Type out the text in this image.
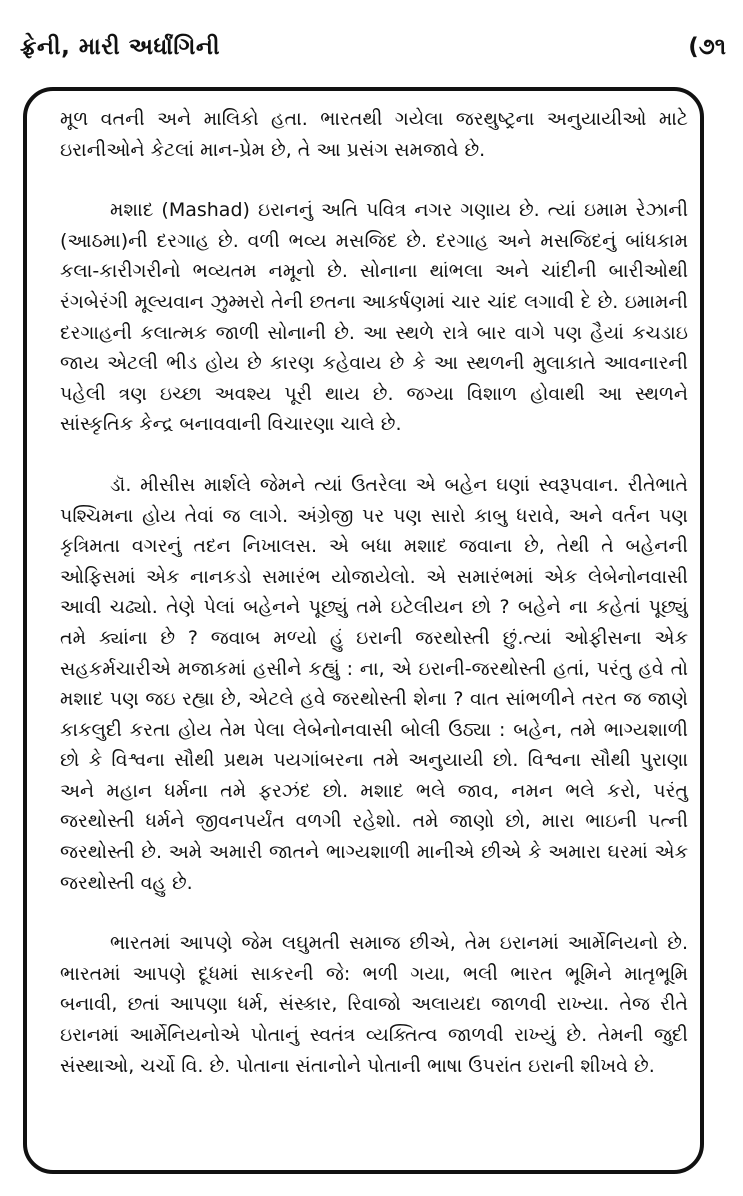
ફ્રેની, મારી અર્ધાંગિની	(૭૧

મૂળ વતની અને માલિકો હતા. ભારતથી ગયેલા જરથુષ્ટ્રના અનુયાયીઓ માટે ઇરાનીઓને કેટલાં માન-પ્રેમ છે, તે આ પ્રસંગ સમજાવે છે.

મશાદ (Mashad) ઇરાનનું અતિ પવિત્ર નગર ગણાય છે. ત્યાં ઇમામ રેઝાની (આઠમા)ની દરગાહ છે. વળી ભવ્ય મસજિદ છે. દરગાહ અને મસજિદનું બાંધકામ કલા-કારીગરીનો ભવ્યતમ નમૂનો છે. સોનાના થાંભલા અને ચાંદીની બારીઓથી રંગબેરંગી મૂલ્યવાન ઝુમ્મરો તેની છતના આકર્ષણમાં ચાર ચાંદ લગાવી દે છે. ઇમામની દરગાહની કલાત્મક જાળી સોનાની છે. આ સ્થળે રાત્રે બાર વાગે પણ હૈયાં કચડાઇ જાય એટલી ભીડ હોય છે કારણ કહેવાય છે કે આ સ્થળની મુલાકાતે આવનારની પહેલી ત્રણ ઇચ્છા અવશ્ય પૂરી થાય છે. જગ્યા વિશાળ હોવાથી આ સ્થળને સાંસ્કૃતિક કેન્દ્ર બનાવવાની વિચારણા ચાલે છે.

ડૉ. મીસીસ માર્શલે જેમને ત્યાં ઉતરેલા એ બહેન ઘણાં સ્વરૂપવાન. રીતેભાતે પશ્ચિમના હોય તેવાં જ લાગે. અંગ્રેજી પર પણ સારો કાબુ ધરાવે, અને વર્તન પણ કૃત્રિમતા વગરનું તદન નિખાલસ. એ બધા મશાદ જવાના છે, તેથી તે બહેનની ઓફિસમાં એક નાનકડો સમારંભ યોજાયેલો. એ સમારંભમાં એક લેબેનોનવાસી આવી ચઢ્યો. તેણે પેલાં બહેનને પૂછ્યું તમે ઇટેલીયન છો ? બહેને ના કહેતાં પૂછ્યું તમે ક્યાંના છે ? જવાબ મળ્યો હું ઇરાની જરથોસ્તી છું.ત્યાં ઓફીસના એક સહકર્મચારીએ મજાકમાં હસીને કહ્યું : ના, એ ઇરાની-જરથોસ્તી હતાં, પરંતુ હવે તો મશાદ પણ જઇ રહ્યા છે, એટલે હવે જરથોસ્તી શેના ? વાત સાંભળીને તરત જ જાણે કાકલુદી કરતા હોય તેમ પેલા લેબેનોનવાસી બોલી ઉઠ્યા : બહેન, તમે ભાગ્યશાળી છો કે વિશ્વના સૌથી પ્રથમ પયગાંબરના તમે અનુયાયી છો. વિશ્વના સૌથી પુરાણા અને મહાન ધર્મના તમે ફરઝંદ છો. મશાદ ભલે જાવ, નમન ભલે કરો, પરંતુ જરથોસ્તી ધર્મને જીવનપર્યંત વળગી રહેશો. તમે જાણો છો, મારા ભાઇની પત્ની જરથોસ્તી છે. અમે અમારી જાતને ભાગ્યશાળી માનીએ છીએ કે અમારા ઘરમાં એક જરથોસ્તી વહુ છે.

ભારતમાં આપણે જેમ લઘુમતી સમાજ છીએ, તેમ ઇરાનમાં આર્મેનિયનો છે. ભારતમાં આપણે દૂધમાં સાકરની જે: ભળી ગયા, ભલી ભારત ભૂમિને માતૃભૂમિ બનાવી, છતાં આપણા ધર્મ, સંસ્કાર, રિવાજો અલાયદા જાળવી રાખ્યા. તેજ રીતે ઇરાનમાં આર્મેનિયનોએ પોતાનું સ્વતંત્ર વ્યક્તિત્વ જાળવી રાખ્યું છે. તેમની જુદી સંસ્થાઓ, ચર્ચો વિ. છે. પોતાના સંતાનોને પોતાની ભાષા ઉપરાંત ઇરાની શીખવે છે.
